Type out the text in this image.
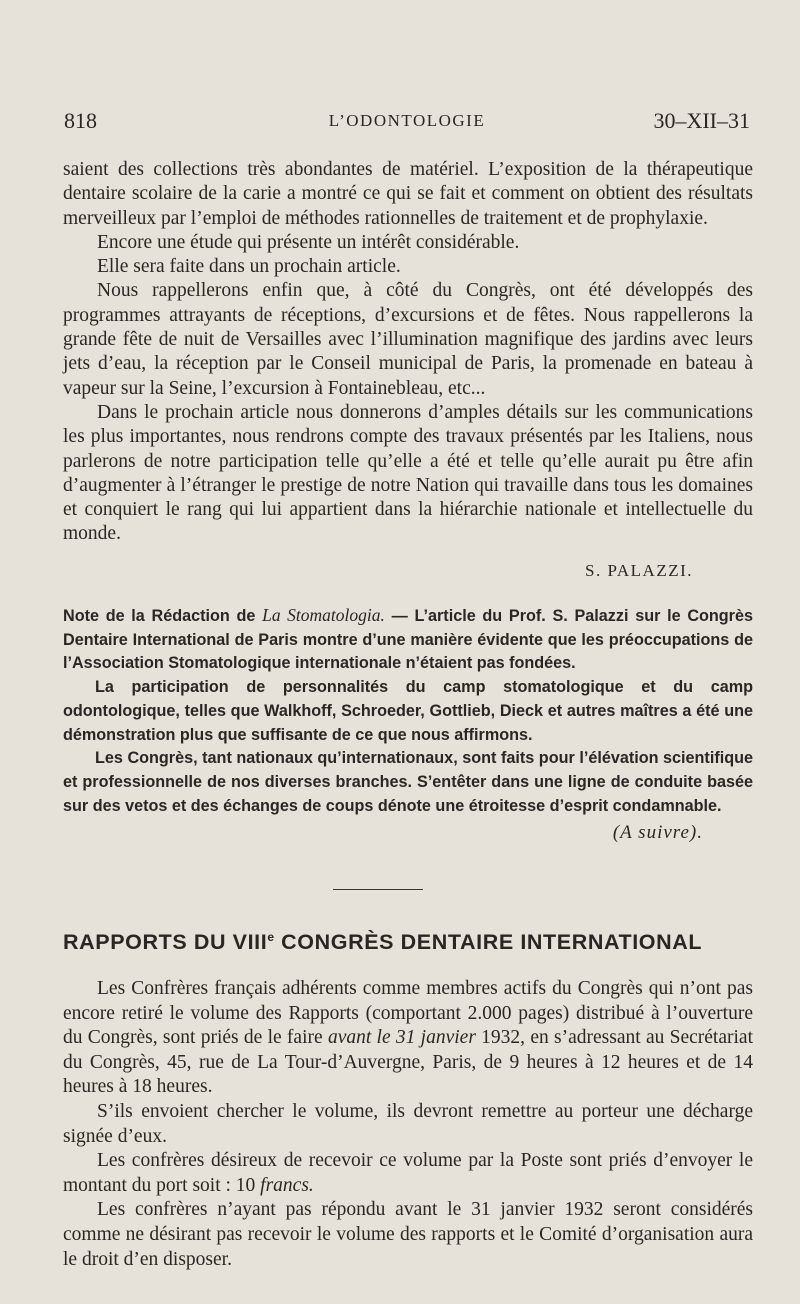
818	L’ODONTOLOGIE	30–XII–31

saient des collections très abondantes de matériel. L’exposition de la thérapeutique dentaire scolaire de la carie a montré ce qui se fait et comment on obtient des résultats merveilleux par l’emploi de méthodes rationnelles de traitement et de prophylaxie.

Encore une étude qui présente un intérêt considérable.

Elle sera faite dans un prochain article.

Nous rappellerons enfin que, à côté du Congrès, ont été développés des programmes attrayants de réceptions, d’excursions et de fêtes. Nous rappellerons la grande fête de nuit de Versailles avec l’illumination magnifique des jardins avec leurs jets d’eau, la réception par le Conseil municipal de Paris, la promenade en bateau à vapeur sur la Seine, l’excursion à Fontainebleau, etc...

Dans le prochain article nous donnerons d’amples détails sur les communications les plus importantes, nous rendrons compte des travaux présentés par les Italiens, nous parlerons de notre participation telle qu’elle a été et telle qu’elle aurait pu être afin d’augmenter à l’étranger le prestige de notre Nation qui travaille dans tous les domaines et conquiert le rang qui lui appartient dans la hiérarchie nationale et intellectuelle du monde.

S. PALAZZI.

Note de la Rédaction de La Stomatologia. — L’article du Prof. S. Palazzi sur le Congrès Dentaire International de Paris montre d’une manière évidente que les préoccupations de l’Association Stomatologique internationale n’étaient pas fondées.

La participation de personnalités du camp stomatologique et du camp odontologique, telles que Walkhoff, Schroeder, Gottlieb, Dieck et autres maîtres a été une démonstration plus que suffisante de ce que nous affirmons.

Les Congrès, tant nationaux qu’internationaux, sont faits pour l’élévation scientifique et professionnelle de nos diverses branches. S’entêter dans une ligne de conduite basée sur des vetos et des échanges de coups dénote une étroitesse d’esprit condamnable.

(A suivre).
RAPPORTS DU VIIIe CONGRÈS DENTAIRE INTERNATIONAL

Les Confrères français adhérents comme membres actifs du Congrès qui n’ont pas encore retiré le volume des Rapports (comportant 2.000 pages) distribué à l’ouverture du Congrès, sont priés de le faire avant le 31 janvier 1932, en s’adressant au Secrétariat du Congrès, 45, rue de La Tour-d’Auvergne, Paris, de 9 heures à 12 heures et de 14 heures à 18 heures.

S’ils envoient chercher le volume, ils devront remettre au porteur une décharge signée d’eux.

Les confrères désireux de recevoir ce volume par la Poste sont priés d’envoyer le montant du port soit : 10 francs.

Les confrères n’ayant pas répondu avant le 31 janvier 1932 seront considérés comme ne désirant pas recevoir le volume des rapports et le Comité d’organisation aura le droit d’en disposer.
